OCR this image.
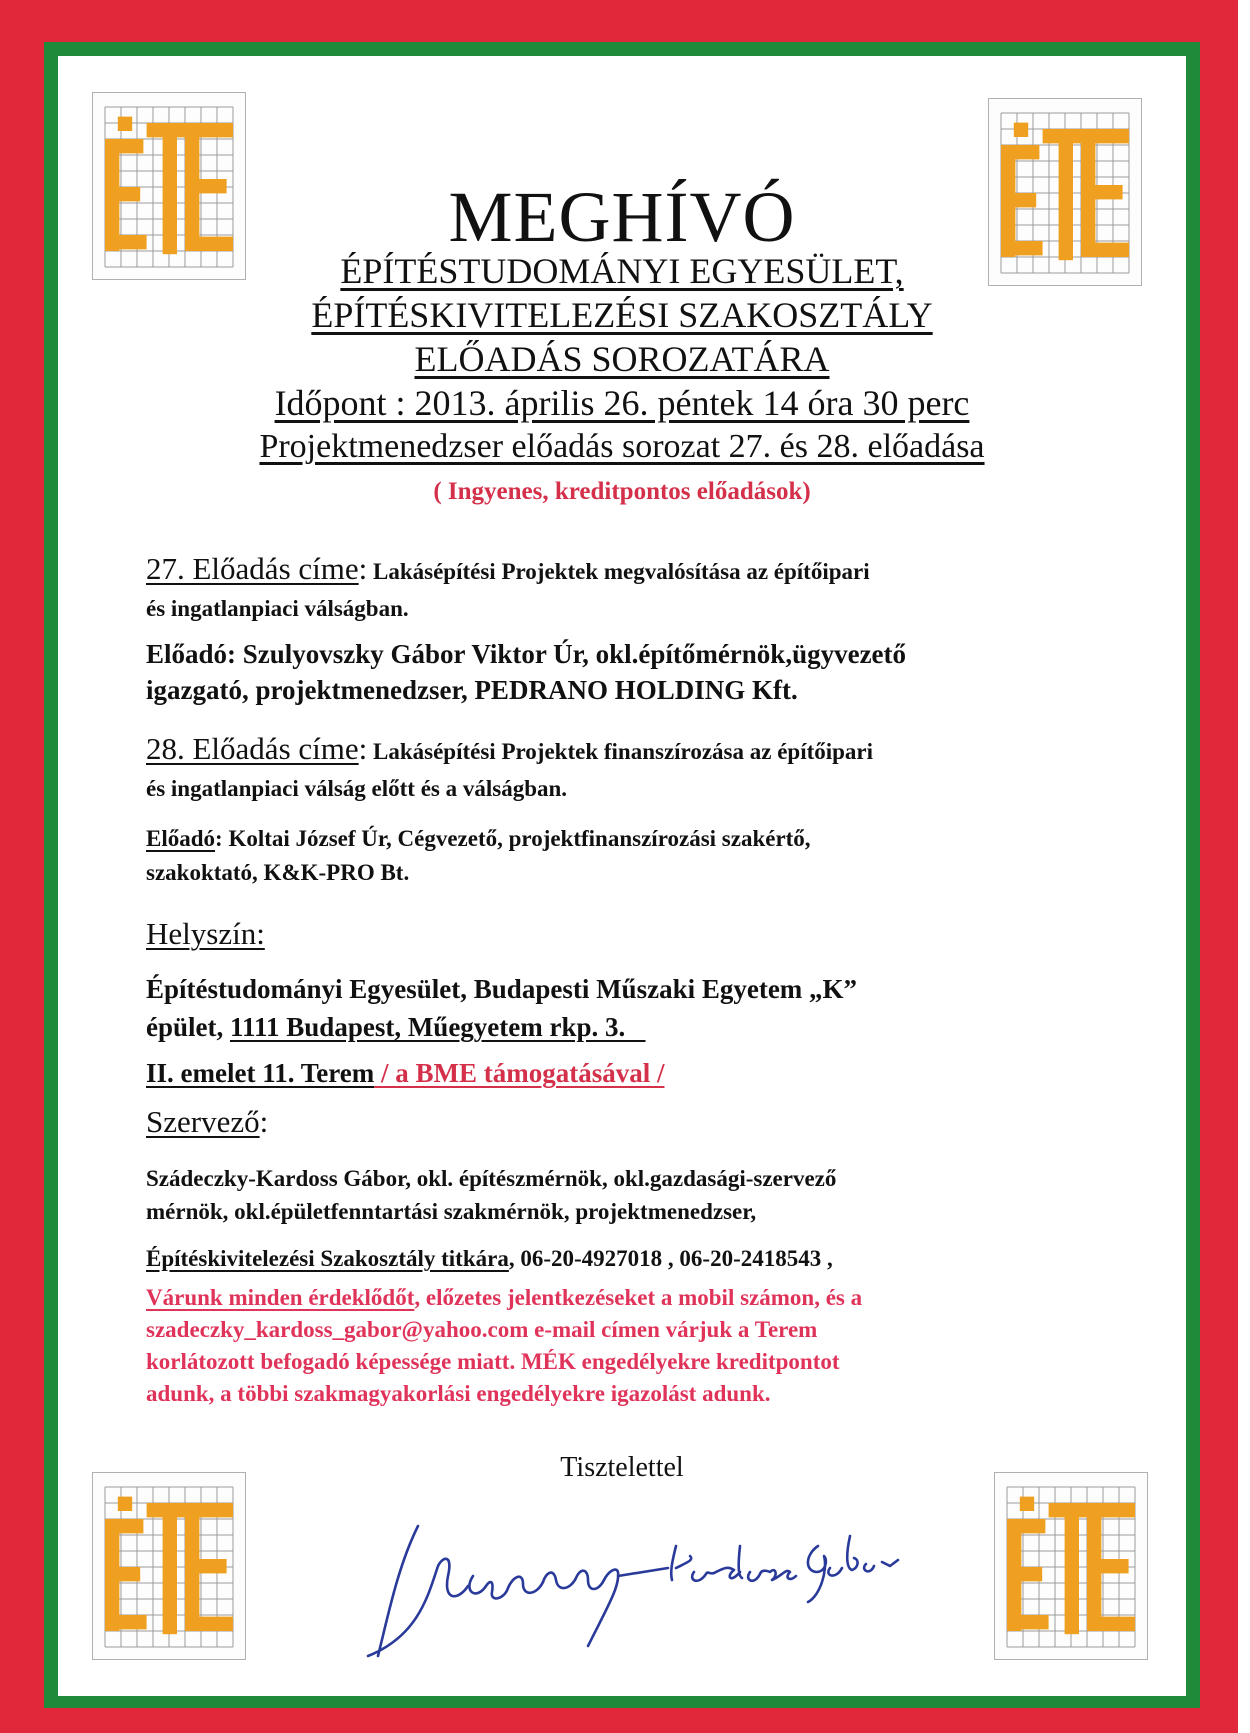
MEGHÍVÓ
ÉPÍTÉSTUDOMÁNYI EGYESÜLET,
ÉPÍTÉSKIVITELEZÉSI SZAKOSZTÁLY
ELŐADÁS SOROZATÁRA
Időpont : 2013. április 26. péntek 14 óra 30 perc
Projektmenedzser előadás sorozat 27. és 28. előadása
( Ingyenes, kreditpontos előadások)
27. Előadás címe: Lakásépítési Projektek megvalósítása az építőipari
és ingatlanpiaci válságban.
Előadó: Szulyovszky Gábor Viktor Úr, okl.építőmérnök,ügyvezető
igazgató, projektmenedzser, PEDRANO HOLDING Kft.
28. Előadás címe: Lakásépítési Projektek finanszírozása az építőipari
és ingatlanpiaci válság előtt és a válságban.
Előadó: Koltai József Úr, Cégvezető, projektfinanszírozási szakértő,
szakoktató, K&K-PRO Bt.
Helyszín:
Építéstudományi Egyesület, Budapesti Műszaki Egyetem „K”
épület, 1111 Budapest, Műegyetem rkp. 3.
II. emelet 11. Terem / a BME támogatásával /
Szervező:
Szádeczky-Kardoss Gábor, okl. építészmérnök, okl.gazdasági-szervező
mérnök, okl.épületfenntartási szakmérnök, projektmenedzser,
Építéskivitelezési Szakosztály titkára, 06-20-4927018 , 06-20-2418543 ,
Várunk minden érdeklődőt, előzetes jelentkezéseket a mobil számon, és a
szadeczky_kardoss_gabor@yahoo.com e-mail címen várjuk a Terem
korlátozott befogadó képessége miatt. MÉK engedélyekre kreditpontot
adunk, a többi szakmagyakorlási engedélyekre igazolást adunk.
Tisztelettel
